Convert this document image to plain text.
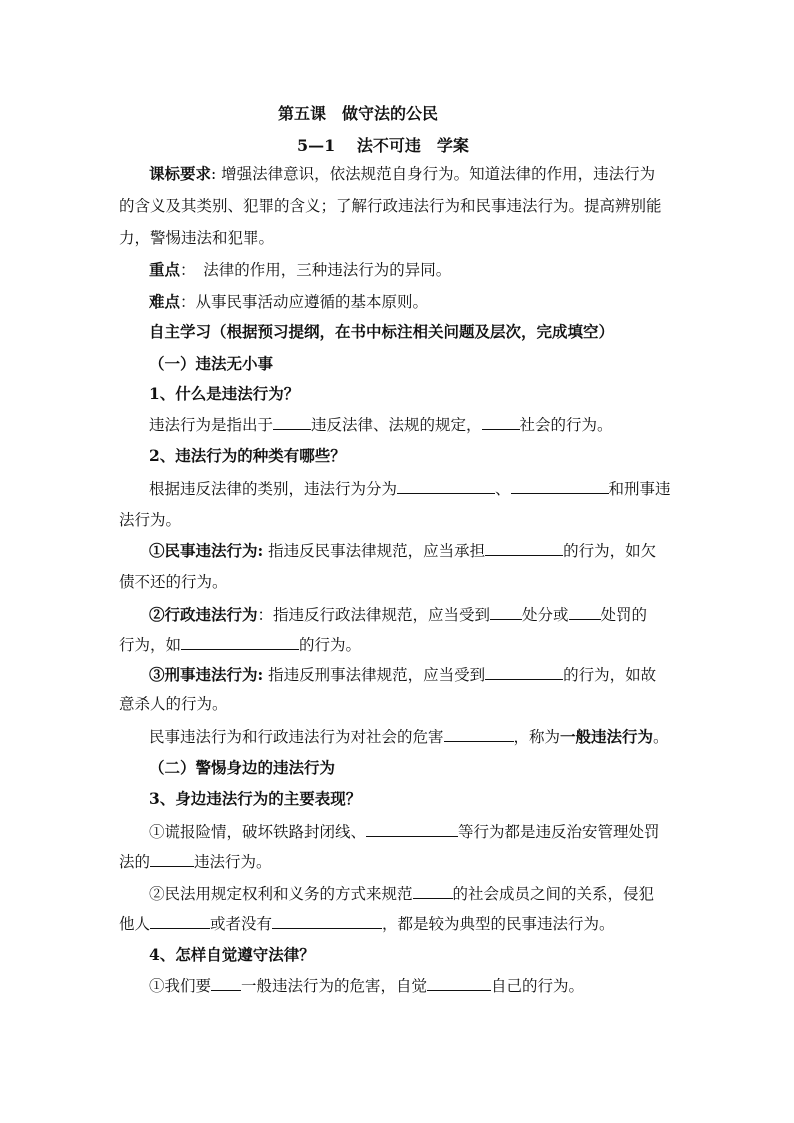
第五课　做守法的公民
5—1　 法不可违　学案
课标要求: 增强法律意识，依法规范自身行为。知道法律的作用，违法行为
的含义及其类别、犯罪的含义；了解行政违法行为和民事违法行为。提高辨别能
力，警惕违法和犯罪。
重点：　法律的作用，三种违法行为的异同。
难点：从事民事活动应遵循的基本原则。
自主学习（根据预习提纲，在书中标注相关问题及层次，完成填空）
（一）违法无小事
1、什么是违法行为？
违法行为是指出于 违反法律、法规的规定， 社会的行为。
2、违法行为的种类有哪些？
根据违反法律的类别，违法行为分为	、	和刑事违
法行为。
①民事违法行为: 指违反民事法律规范，应当承担	的行为，如欠
债不还的行为。
②行政违法行为：指违反行政法律规范，应当受到 处分或 处罚的
行为，如	的行为。
③刑事违法行为: 指违反刑事法律规范，应当受到	的行为，如故
意杀人的行为。
民事违法行为和行政违法行为对社会的危害	，称为一般违法行为。
（二）警惕身边的违法行为
3、身边违法行为的主要表现？
①谎报险情，破坏铁路封闭线、	等行为都是违反治安管理处罚
法的	违法行为。
②民法用规定权利和义务的方式来规范	的社会成员之间的关系，侵犯
他人	或者没有	，都是较为典型的民事违法行为。
4、怎样自觉遵守法律？
①我们要 一般违法行为的危害，自觉	自己的行为。
